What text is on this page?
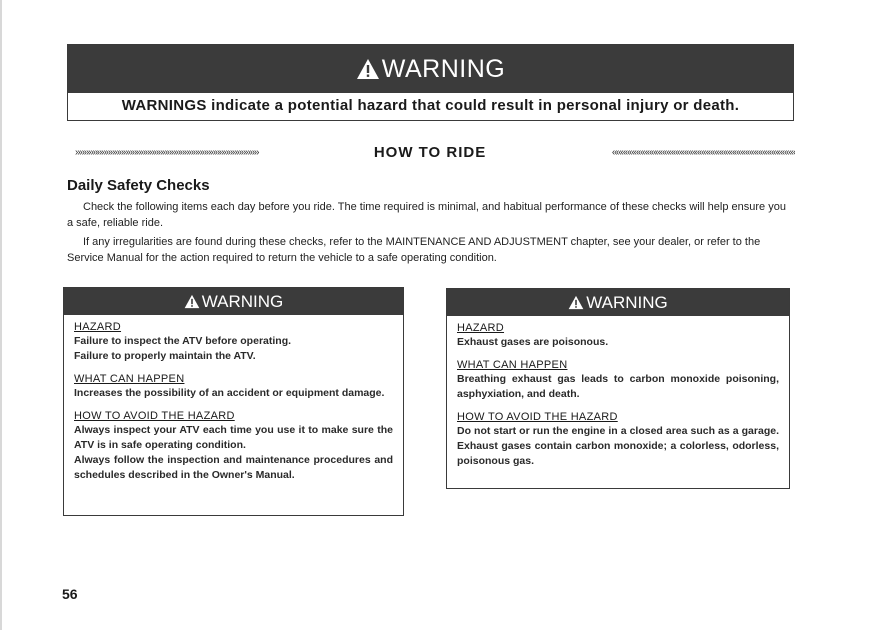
WARNING
WARNINGS indicate a potential hazard that could result in personal injury or death.
»»»»»»»»»»»»»»»»»»»»»»»»»»»»»»»»»»»»»»»»»»	HOW TO RIDE	««««««««««««««««««««««««««««««««««««««««««
Daily Safety Checks
Check the following items each day before you ride. The time required is minimal, and habitual performance of these checks will help ensure you a safe, reliable ride.
If any irregularities are found during these checks, refer to the MAINTENANCE AND ADJUSTMENT chapter, see your dealer, or refer to the Service Manual for the action required to return the vehicle to a safe operating condition.
WARNING
HAZARD
Failure to inspect the ATV before operating.
Failure to properly maintain the ATV.
WHAT CAN HAPPEN
Increases the possibility of an accident or equipment damage.
HOW TO AVOID THE HAZARD
Always inspect your ATV each time you use it to make sure the ATV is in safe operating condition.
Always follow the inspection and maintenance procedures and schedules described in the Owner's Manual.
WARNING
HAZARD
Exhaust gases are poisonous.
WHAT CAN HAPPEN
Breathing exhaust gas leads to carbon monoxide poisoning, asphyxiation, and death.
HOW TO AVOID THE HAZARD
Do not start or run the engine in a closed area such as a garage. Exhaust gases contain carbon monoxide; a colorless, odorless, poisonous gas.
56
